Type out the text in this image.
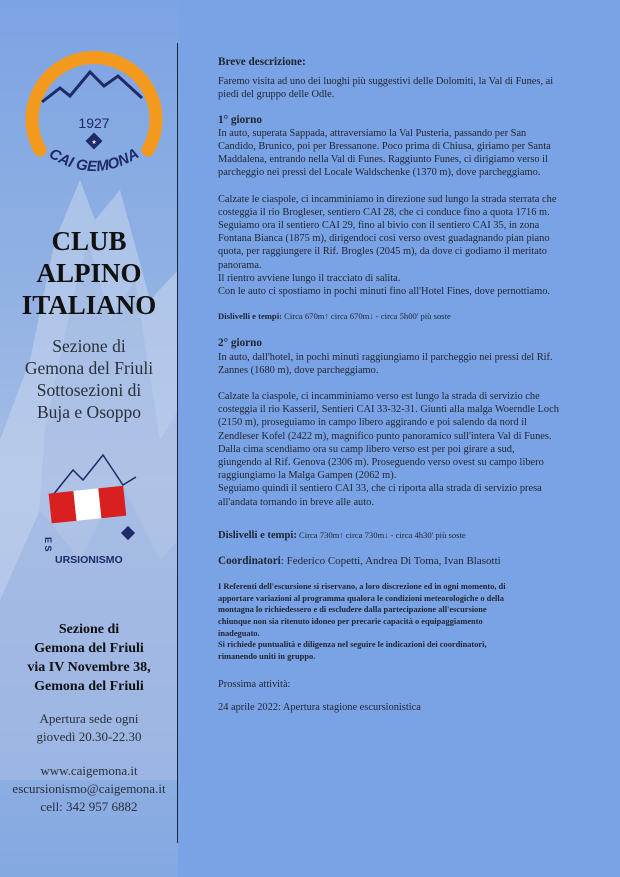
1927
★
CAI GEMONA
CLUB
ALPINO
ITALIANO
Sezione di
Gemona del Friuli
Sottosezioni di
Buja e Osoppo
E S
URSIONISMO
Sezione di
Gemona del Friuli
via IV Novembre 38,
Gemona del Friuli
Apertura sede ogni
giovedì 20.30-22.30
www.caigemona.it
escursionismo@caigemona.it
cell: 342 957 6882

Breve descrizione:

Faremo visita ad uno dei luoghi più suggestivi delle Dolomiti, la Val di Funes, ai
piedi del gruppo delle Odle.

1° giorno

In auto, superata Sappada, attraversiamo la Val Pusteria, passando per San
Candido, Brunico, poi per Bressanone. Poco prima di Chiusa, giriamo per Santa
Maddalena, entrando nella Val di Funes. Raggiunto Funes, ci dirigiamo verso il
parcheggio nei pressi del Locale Waldschenke (1370 m), dove parcheggiamo.

Calzate le ciaspole, ci incamminiamo in direzione sud lungo la strada sterrata che
costeggia il rio Brogleser, sentiero CAI 28, che ci conduce fino a quota 1716 m.
Seguiamo ora il sentiero CAI 29, fino al bivio con il sentiero CAI 35, in zona
Fontana Bianca (1875 m), dirigendoci così verso ovest guadagnando pian piano
quota, per raggiungere il Rif. Brogles (2045 m), da dove ci godiamo il meritato
panorama.
Il rientro avviene lungo il tracciato di salita.
Con le auto ci spostiamo in pochi minuti fino all'Hotel Fines, dove pernottiamo.

Dislivelli e tempi: Circa 670m↑ circa 670m↓ - circa 5h00' più soste

2° giorno

In auto, dall'hotel, in pochi minuti raggiungiamo il parcheggio nei pressi del Rif.
Zannes (1680 m), dove parcheggiamo.

Calzate la ciaspole, ci incamminiamo verso est lungo la strada di servizio che
costeggia il rio Kasseril, Sentieri CAI 33-32-31. Giunti alla malga Woerndle Loch
(2150 m), proseguiamo in campo libero aggirando e poi salendo da nord il
Zendleser Kofel (2422 m), magnifico punto panoramico sull'intera Val di Funes.
Dalla cima scendiamo ora su camp libero verso est per poi girare a sud,
giungendo al Rif. Genova (2306 m). Proseguendo verso ovest su campo libero
raggiungiamo la Malga Gampen (2062 m).
Seguiamo quindi il sentiero CAI 33, che ci riporta alla strada di servizio presa
all'andata tornando in breve alle auto.

Dislivelli e tempi: Circa 730m↑ circa 730m↓ - circa 4h30' più soste

Coordinatori: Federico Copetti, Andrea Di Toma, Ivan Blasotti

I Referenti dell'escursione si riservano, a loro discrezione ed in ogni momento, di
apportare variazioni al programma qualora le condizioni meteorologiche o della
montagna lo richiedessero e di escludere dalla partecipazione all'escursione
chiunque non sia ritenuto idoneo per precarie capacità o equipaggiamento
inadeguato.
Si richiede puntualità e diligenza nel seguire le indicazioni dei coordinatori,
rimanendo uniti in gruppo.

Prossima attività:

24 aprile 2022: Apertura stagione escursionistica
